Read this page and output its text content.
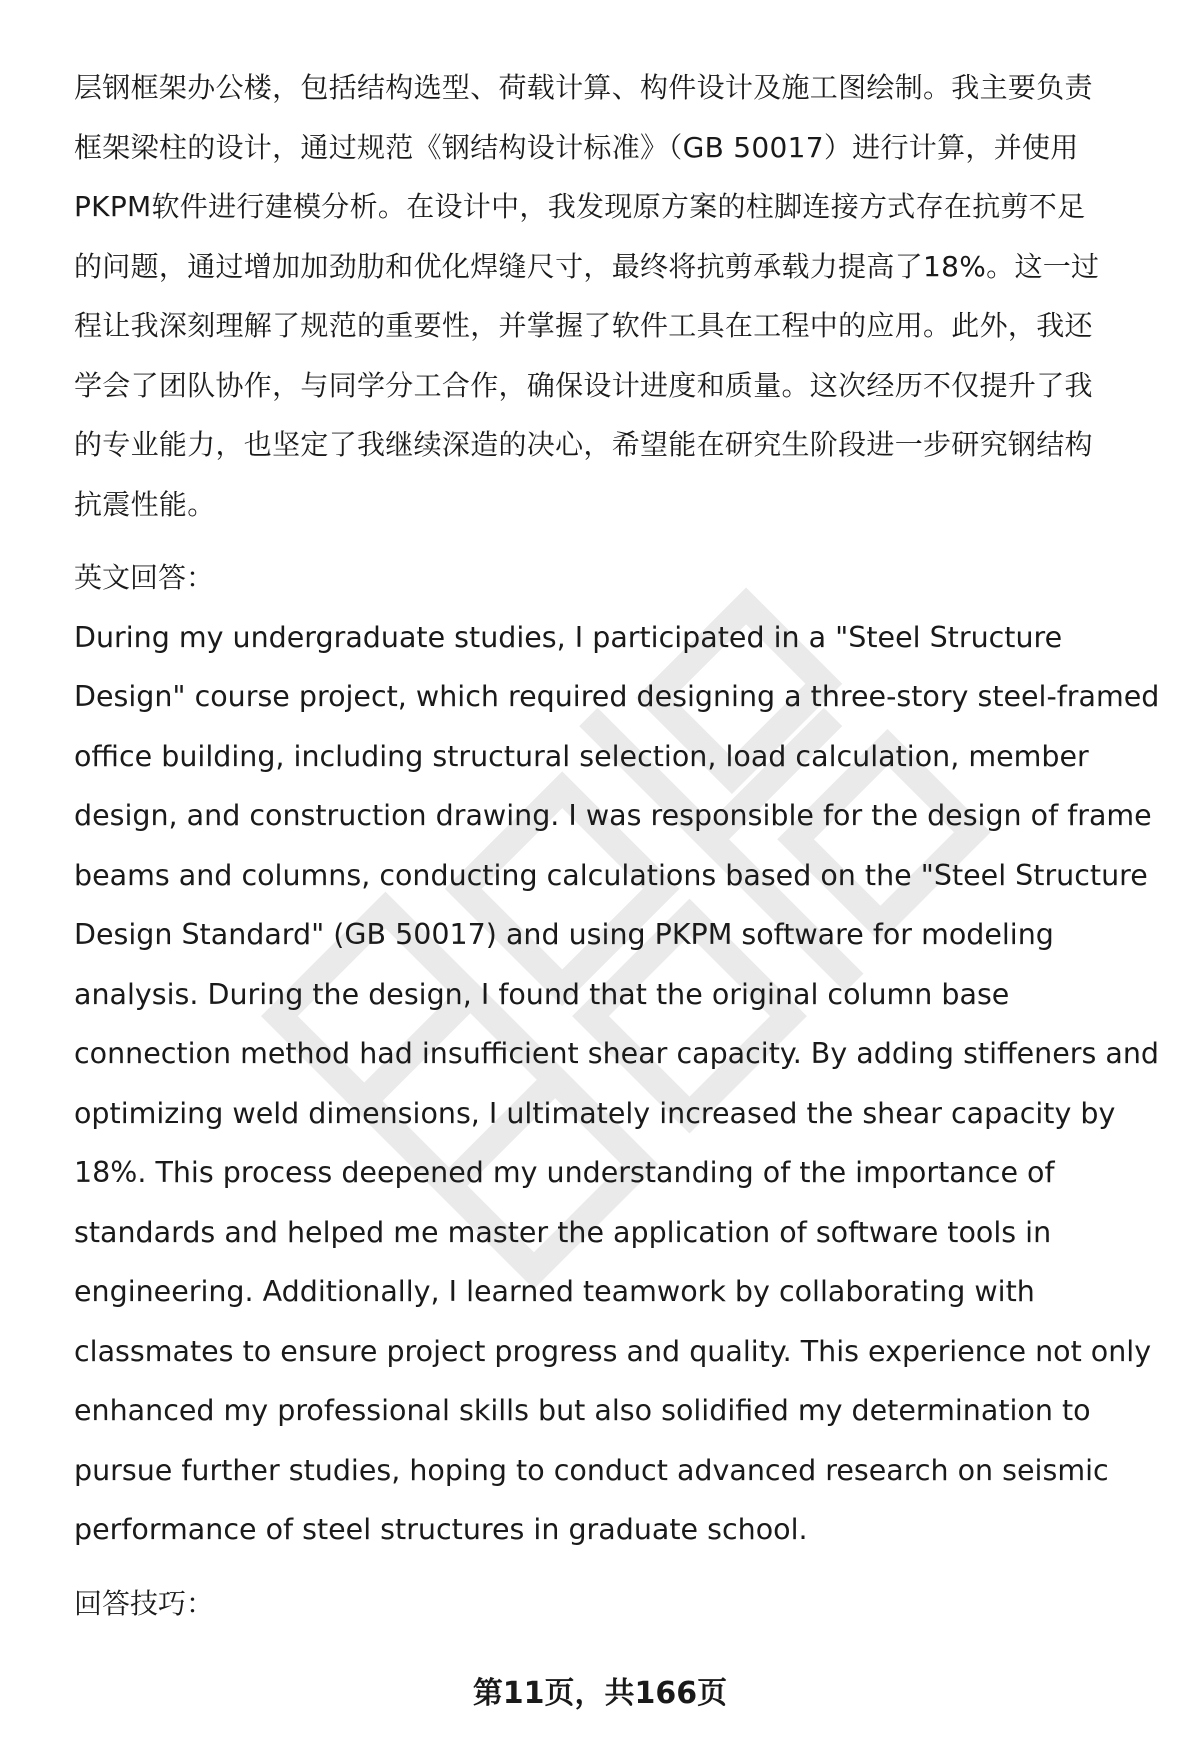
层钢框架办公楼，包括结构选型、荷载计算、构件设计及施工图绘制。我主要负责
框架梁柱的设计，通过规范《钢结构设计标准》（GB 50017）进行计算，并使用
PKPM软件进行建模分析。在设计中，我发现原方案的柱脚连接方式存在抗剪不足
的问题，通过增加加劲肋和优化焊缝尺寸，最终将抗剪承载力提高了18%。这一过
程让我深刻理解了规范的重要性，并掌握了软件工具在工程中的应用。此外，我还
学会了团队协作，与同学分工合作，确保设计进度和质量。这次经历不仅提升了我
的专业能力，也坚定了我继续深造的决心，希望能在研究生阶段进一步研究钢结构
抗震性能。

英文回答：

During my undergraduate studies, I participated in a "Steel Structure
Design" course project, which required designing a three-story steel-framed
office building, including structural selection, load calculation, member
design, and construction drawing. I was responsible for the design of frame
beams and columns, conducting calculations based on the "Steel Structure
Design Standard" (GB 50017) and using PKPM software for modeling
analysis. During the design, I found that the original column base
connection method had insufficient shear capacity. By adding stiffeners and
optimizing weld dimensions, I ultimately increased the shear capacity by
18%. This process deepened my understanding of the importance of
standards and helped me master the application of software tools in
engineering. Additionally, I learned teamwork by collaborating with
classmates to ensure project progress and quality. This experience not only
enhanced my professional skills but also solidified my determination to
pursue further studies, hoping to conduct advanced research on seismic
performance of steel structures in graduate school.

回答技巧：

第11页，共166页
